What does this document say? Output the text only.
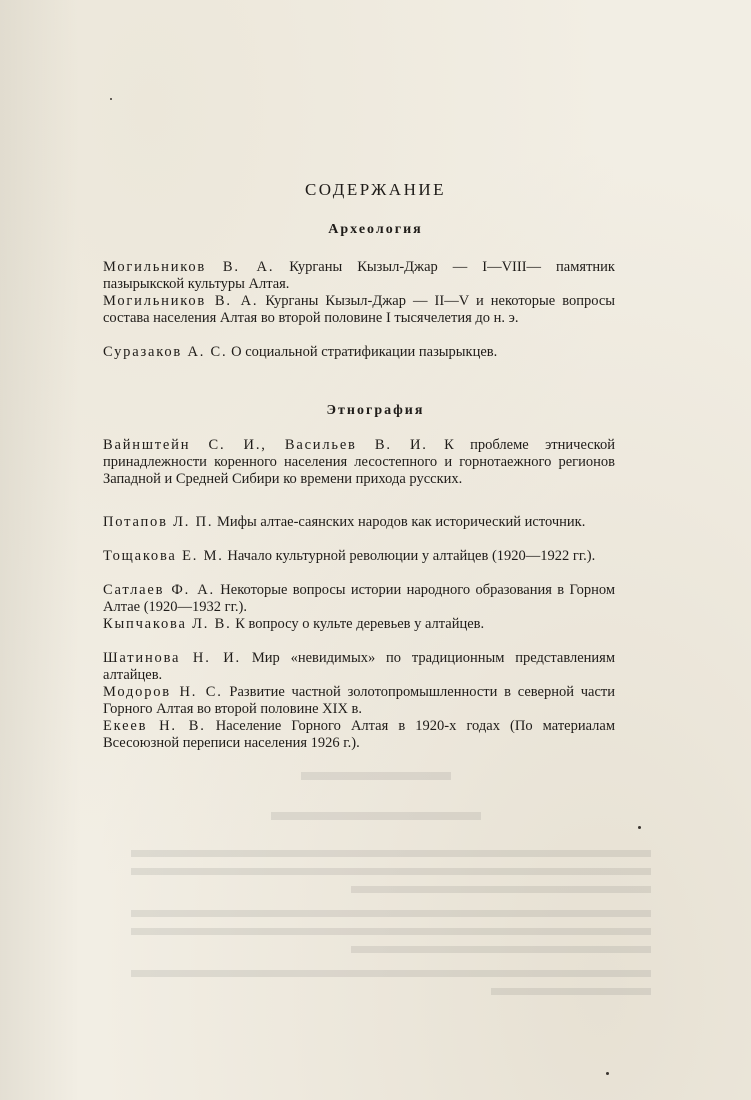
СОДЕРЖАНИЕ
Археология
Могильников В. А. Курганы Кызыл-Джар — I—VIII— памятник пазырыкской культуры Алтая.
Могильников В. А. Курганы Кызыл-Джар — II—V и некоторые вопросы состава населения Алтая во второй половине I тысячелетия до н. э.
Суразаков А. С. О социальной стратификации пазырыкцев.
Этнография
Вайнштейн С. И., Васильев В. И. К проблеме этнической принадлежности коренного населения лесостепного и горнотаежного регионов Западной и Средней Сибири ко времени прихода русских.
Потапов Л. П. Мифы алтае-саянских народов как исторический источник.
Тощакова Е. М. Начало культурной революции у алтайцев (1920—1922 гг.).
Сатлаев Ф. А. Некоторые вопросы истории народного образования в Горном Алтае (1920—1932 гг.).
Кыпчакова Л. В. К вопросу о культе деревьев у алтайцев.
Шатинова Н. И. Мир «невидимых» по традиционным представлениям алтайцев.
Модоров Н. С. Развитие частной золотопромышленности в северной части Горного Алтая во второй половине XIX в.
Екеев Н. В. Население Горного Алтая в 1920-х годах (По материалам Всесоюзной переписи населения 1926 г.).
